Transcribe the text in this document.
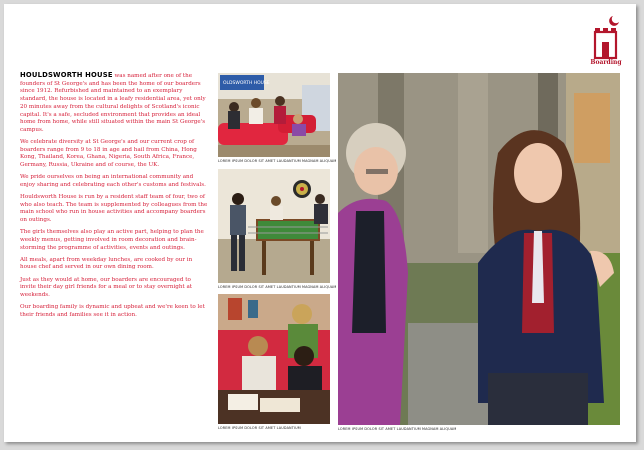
HOULDSWORTH HOUSE was named after one of the founders of St George's and has been the home of our boarders since 1912. Refurbished and maintained to an exemplary standard, the house is located in a leafy residential area, yet only 20 minutes away from the cultural delights of Scotland's iconic capital. It's a safe, secluded environment that provides an ideal home from home, while still situated within the main St George's campus.

We celebrate diversity at St George's and our current crop of boarders range from 9 to 18 in age and hail from China, Hong Kong, Thailand, Korea, Ghana, Nigeria, South Africa, France, Germany, Russia, Ukraine and of course, the UK.

We pride ourselves on being an international community and enjoy sharing and celebrating each other's customs and festivals.

Houldsworth House is run by a resident staff team of four, two of who also teach. The team is supplemented by colleagues from the main school who run in house activities and accompany boarders on outings.

The girls themselves also play an active part, helping to plan the weekly menus, getting involved in room decoration and brain-storming the programme of activities, events and outings.

All meals, apart from weekday lunches, are cooked by our in house chef and served in our own dining room.

Just as they would at home, our boarders are encouraged to invite their day girl friends for a meal or to stay overnight at weekends.

Our boarding family is dynamic and upbeat and we're keen to let their friends and families see it in action.

OLDSWORTH HOUSE
LOREM IPSUM DOLOR SIT AMET LAUDANTIUM MAGNAM ALIQUAM
LOREM IPSUM DOLOR SIT AMET LAUDANTIUM MAGNAM ALIQUAM
LOREM IPSUM DOLOR SIT AMET LAUDANTIUM	LOREM IPSUM DOLOR SIT AMET LAUDANTIUM MAGNAM ALIQUAM
Boarding
